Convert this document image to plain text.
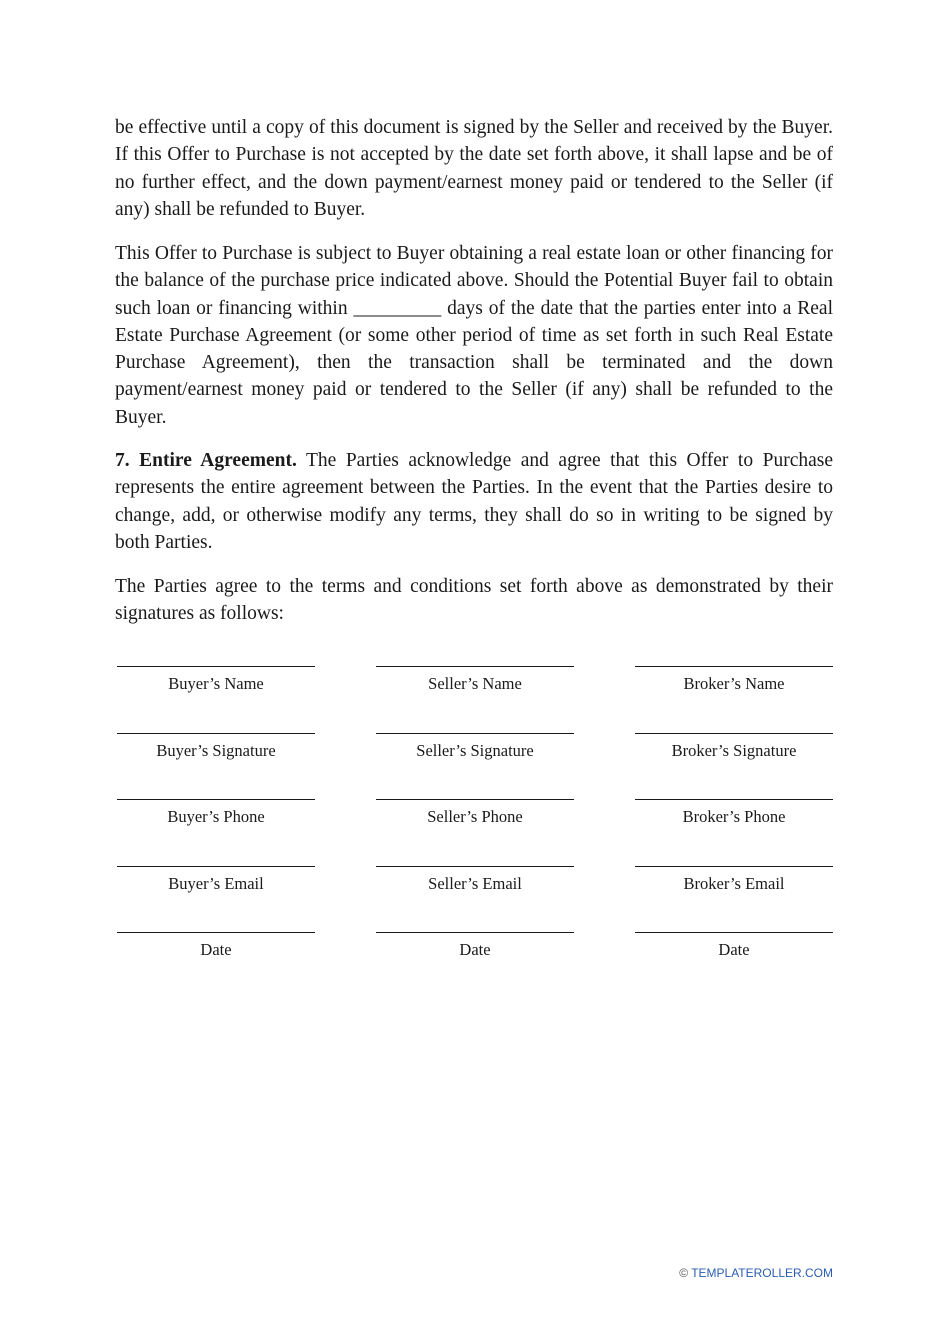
be effective until a copy of this document is signed by the Seller and received by the Buyer. If this Offer to Purchase is not accepted by the date set forth above, it shall lapse and be of no further effect, and the down payment/earnest money paid or tendered to the Seller (if any) shall be refunded to Buyer.

This Offer to Purchase is subject to Buyer obtaining a real estate loan or other financing for the balance of the purchase price indicated above. Should the Potential Buyer fail to obtain such loan or financing within _________ days of the date that the parties enter into a Real Estate Purchase Agreement (or some other period of time as set forth in such Real Estate Purchase Agreement), then the transaction shall be terminated and the down payment/earnest money paid or tendered to the Seller (if any) shall be refunded to the Buyer.

7. Entire Agreement. The Parties acknowledge and agree that this Offer to Purchase represents the entire agreement between the Parties. In the event that the Parties desire to change, add, or otherwise modify any terms, they shall do so in writing to be signed by both Parties.

The Parties agree to the terms and conditions set forth above as demonstrated by their signatures as follows:

Buyer’s Name	Seller’s Name	Broker’s Name
Buyer’s Signature	Seller’s Signature	Broker’s Signature
Buyer’s Phone	Seller’s Phone	Broker’s Phone
Buyer’s Email	Seller’s Email	Broker’s Email
Date	Date	Date
© TEMPLATEROLLER.COM
